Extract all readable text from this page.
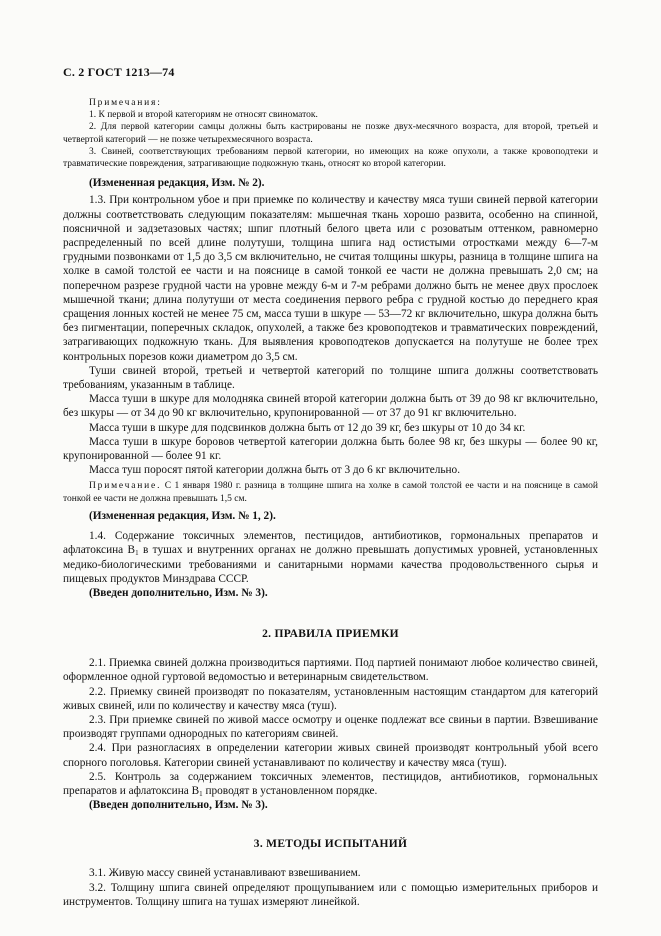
С. 2 ГОСТ 1213—74

Примечания:

1. К первой и второй категориям не относят свиноматок.

2. Для первой категории самцы должны быть кастрированы не позже двух-месячного возраста, для второй, третьей и четвертой категорий — не позже четырехмесячного возраста.

3. Свиней, соответствующих требованиям первой категории, но имеющих на коже опухоли, а также кровоподтеки и травматические повреждения, затрагивающие подкожную ткань, относят ко второй категории.

(Измененная редакция, Изм. № 2).

1.3. При контрольном убое и при приемке по количеству и качеству мяса туши свиней первой категории должны соответствовать следующим показателям: мышечная ткань хорошо развита, особенно на спинной, поясничной и задзетазовых частях; шпиг плотный белого цвета или с розоватым оттенком, равномерно распределенный по всей длине полутуши, толщина шпига над остистыми отростками между 6—7-м грудными позвонками от 1,5 до 3,5 см включительно, не считая толщины шкуры, разница в толщине шпига на холке в самой толстой ее части и на пояснице в самой тонкой ее части не должна превышать 2,0 см; на поперечном разрезе грудной части на уровне между 6-м и 7-м ребрами должно быть не менее двух прослоек мышечной ткани; длина полутуши от места соединения первого ребра с грудной костью до переднего края сращения лонных костей не менее 75 см, масса туши в шкуре — 53—72 кг включительно, шкура должна быть без пигментации, поперечных складок, опухолей, а также без кровоподтеков и травматических повреждений, затрагивающих подкожную ткань. Для выявления кровоподтеков допускается на полутуше не более трех контрольных порезов кожи диаметром до 3,5 см.

Туши свиней второй, третьей и четвертой категорий по толщине шпига должны соответствовать требованиям, указанным в таблице.

Масса туши в шкуре для молодняка свиней второй категории должна быть от 39 до 98 кг включительно, без шкуры — от 34 до 90 кг включительно, крупонированной — от 37 до 91 кг включительно.

Масса туши в шкуре для подсвинков должна быть от 12 до 39 кг, без шкуры от 10 до 34 кг.

Масса туши в шкуре боровов четвертой категории должна быть более 98 кг, без шкуры — более 90 кг, крупонированной — более 91 кг.

Масса туш поросят пятой категории должна быть от 3 до 6 кг включительно.

Примечание. С 1 января 1980 г. разница в толщине шпига на холке в самой толстой ее части и на пояснице в самой тонкой ее части не должна превышать 1,5 см.

(Измененная редакция, Изм. № 1, 2).

1.4. Содержание токсичных элементов, пестицидов, антибиотиков, гормональных препаратов и афлатоксина $B_1$ в тушах и внутренних органах не должно превышать допустимых уровней, установленных медико-биологическими требованиями и санитарными нормами качества продовольственного сырья и пищевых продуктов Минздрава СССР.

(Введен дополнительно, Изм. № 3).

2. ПРАВИЛА ПРИЕМКИ

2.1. Приемка свиней должна производиться партиями. Под партией понимают любое количество свиней, оформленное одной гуртовой ведомостью и ветеринарным свидетельством.

2.2. Приемку свиней производят по показателям, установленным настоящим стандартом для категорий живых свиней, или по количеству и качеству мяса (туш).

2.3. При приемке свиней по живой массе осмотру и оценке подлежат все свиньи в партии. Взвешивание производят группами однородных по категориям свиней.

2.4. При разногласиях в определении категории живых свиней производят контрольный убой всего спорного поголовья. Категории свиней устанавливают по количеству и качеству мяса (туш).

2.5. Контроль за содержанием токсичных элементов, пестицидов, антибиотиков, гормональных препаратов и афлатоксина $B_1$ проводят в установленном порядке.

(Введен дополнительно, Изм. № 3).

3. МЕТОДЫ ИСПЫТАНИЙ

3.1. Живую массу свиней устанавливают взвешиванием.

3.2. Толщину шпига свиней определяют прощупыванием или с помощью измерительных приборов и инструментов. Толщину шпига на тушах измеряют линейкой.
